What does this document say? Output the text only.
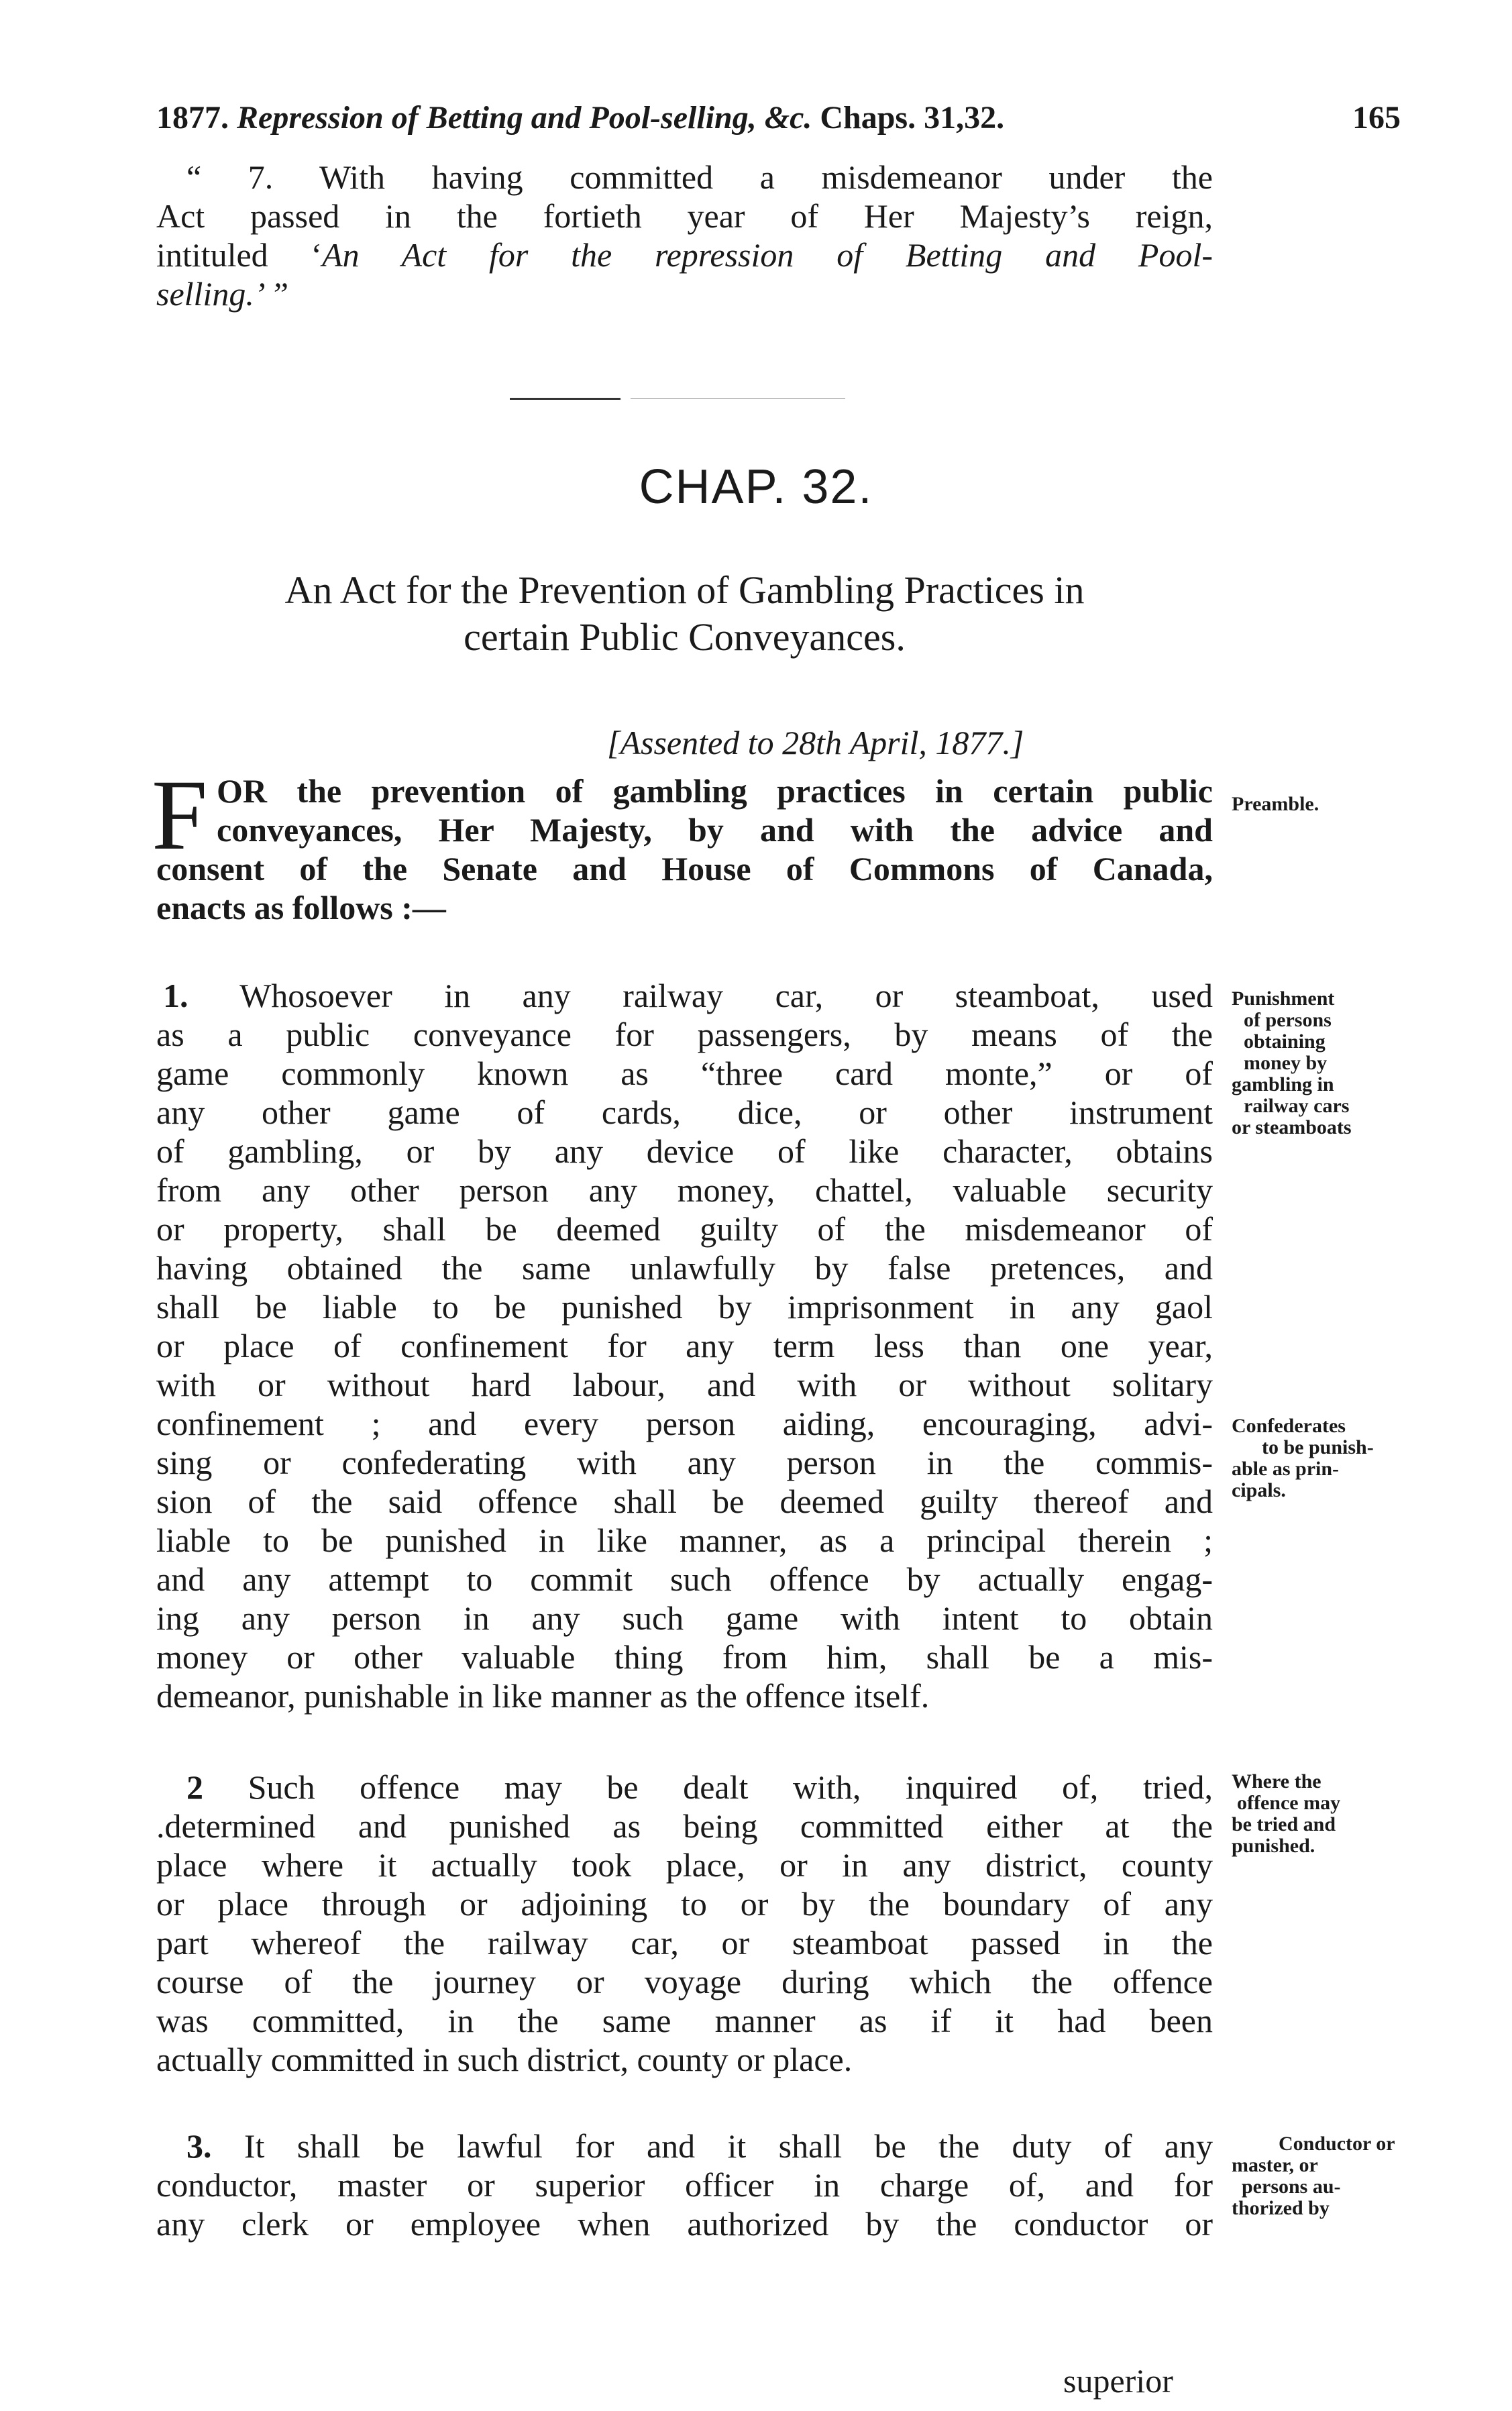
1877. Repression of Betting and Pool-selling, &c. Chaps. 31,32.	165
“ 7. With having committed a misdemeanor under the
Act passed in the fortieth year of Her Majesty’s reign,
intituled ‘An Act for the repression of Betting and Pool-
selling.’ ”
CHAP. 32.
An Act for the Prevention of Gambling Practices in
certain Public Conveyances.
[Assented to 28th April, 1877.]
F OR the prevention of gambling practices in certain public
conveyances, Her Majesty, by and with the advice and
consent of the Senate and House of Commons of Canada,
enacts as follows :—
1. Whosoever in any railway car, or steamboat, used
as a public conveyance for passengers, by means of the
game commonly known as “three card monte,” or of
any other game of cards, dice, or other instrument
of gambling, or by any device of like character, obtains
from any other person any money, chattel, valuable security
or property, shall be deemed guilty of the misdemeanor of
having obtained the same unlawfully by false pretences, and
shall be liable to be punished by imprisonment in any gaol
or place of confinement for any term less than one year,
with or without hard labour, and with or without solitary
confinement ; and every person aiding, encouraging, advi-
sing or confederating with any person in the commis-
sion of the said offence shall be deemed guilty thereof and
liable to be punished in like manner, as a principal therein ;
and any attempt to commit such offence by actually engag-
ing any person in any such game with intent to obtain
money or other valuable thing from him, shall be a mis-
demeanor, punishable in like manner as the offence itself.
2 Such offence may be dealt with, inquired of, tried,
.determined and punished as being committed either at the
place where it actually took place, or in any district, county
or place through or adjoining to or by the boundary of any
part whereof the railway car, or steamboat passed in the
course of the journey or voyage during which the offence
was committed, in the same manner as if it had been
actually committed in such district, county or place.
3. It shall be lawful for and it shall be the duty of any
conductor, master or superior officer in charge of, and for
any clerk or employee when authorized by the conductor or
superior
Preamble.
Punishment
of persons
obtaining
money by
gambling in
railway cars
or steamboats
Confederates
to be punish-
able as prin-
cipals.
Where the
offence may
be tried and
punished.
Conductor or
master, or
persons au-
thorized by
